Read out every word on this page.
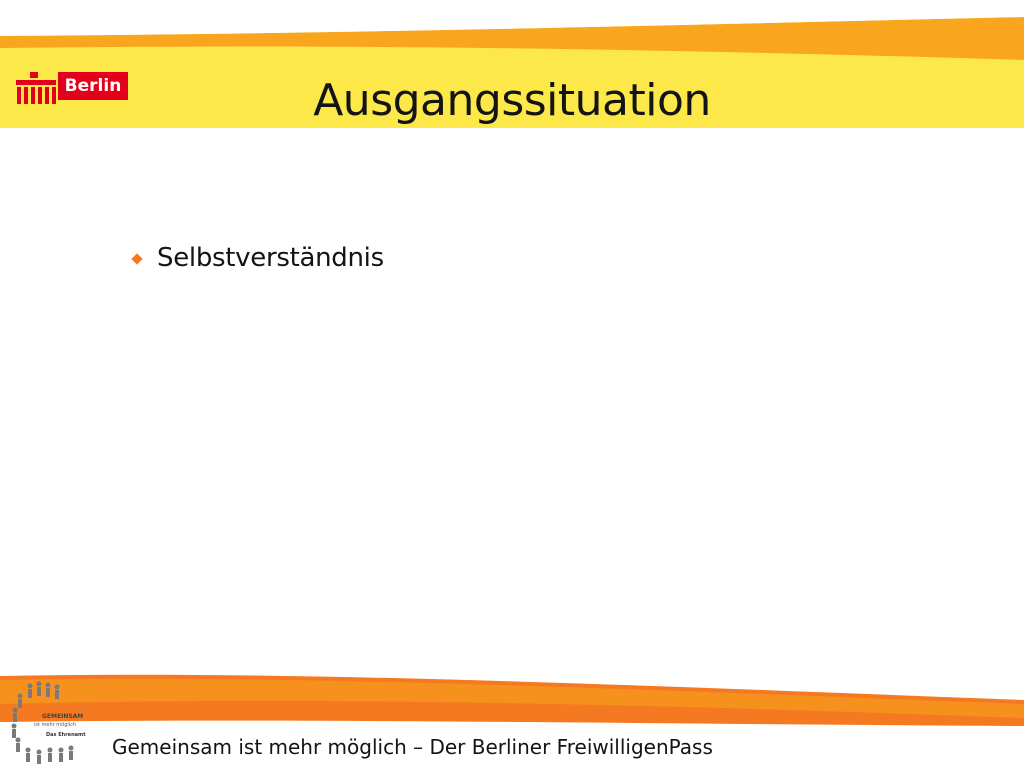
Berlin	Ausgangssituation
Selbstverständnis
GEMEINSAM
ist mehr möglich
Das Ehrenamt Gemeinsam ist mehr möglich – Der Berliner FreiwilligenPass
